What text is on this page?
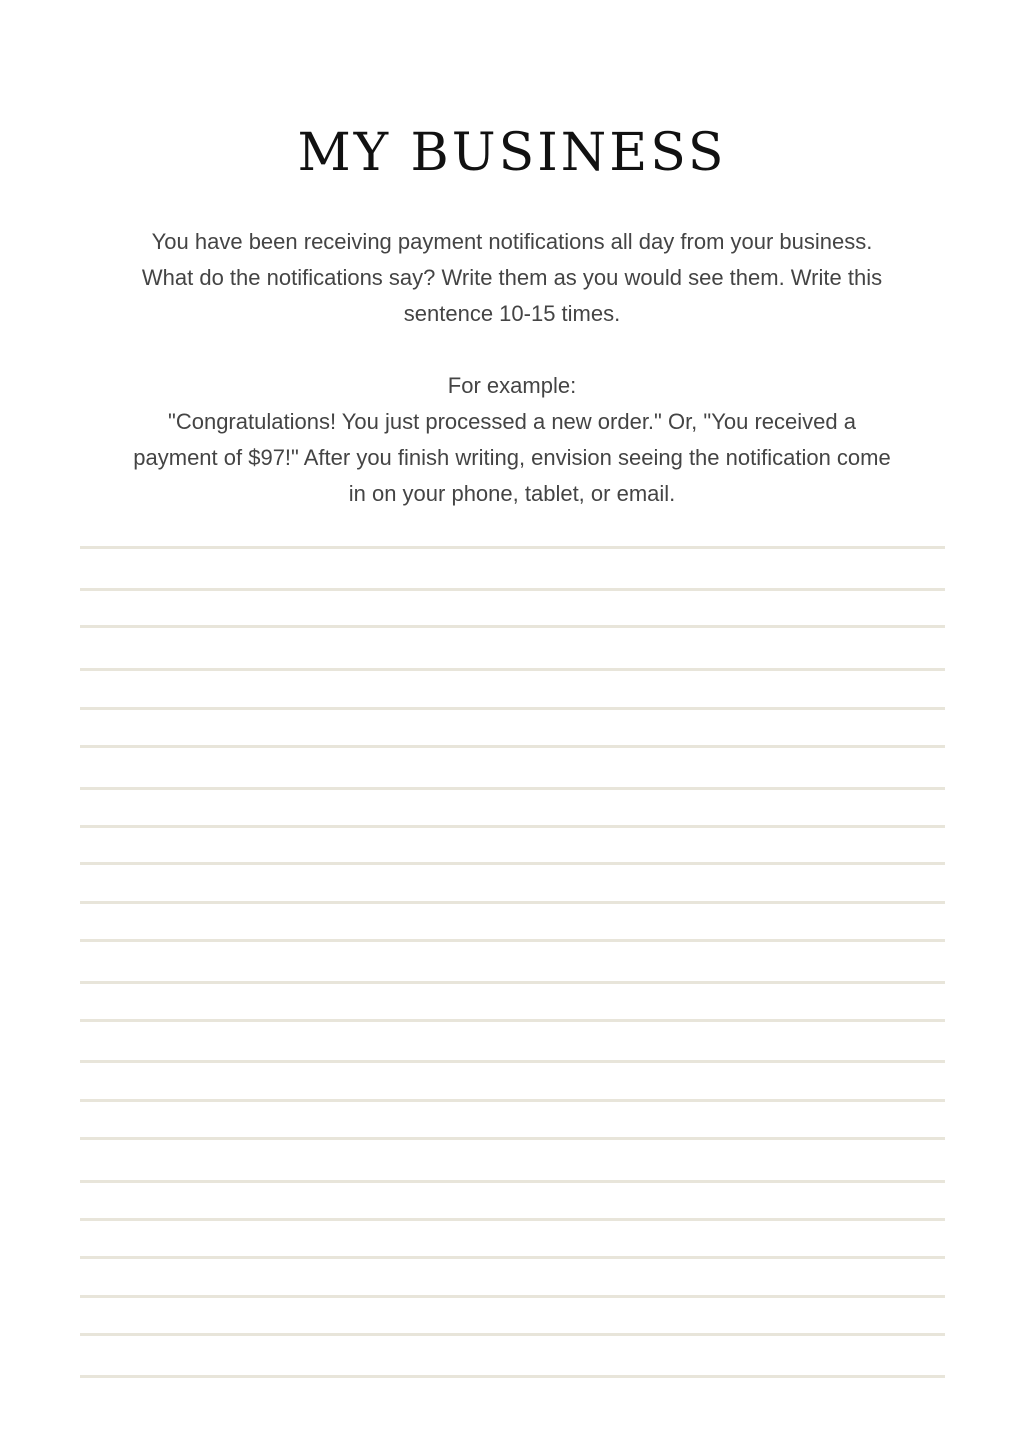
MY BUSINESS

You have been receiving payment notifications all day from your business. What do the notifications say? Write them as you would see them. Write this sentence 10-15 times.

For example:

"Congratulations! You just processed a new order." Or, "You received a payment of $97!" After you finish writing, envision seeing the notification come in on your phone, tablet, or email.
